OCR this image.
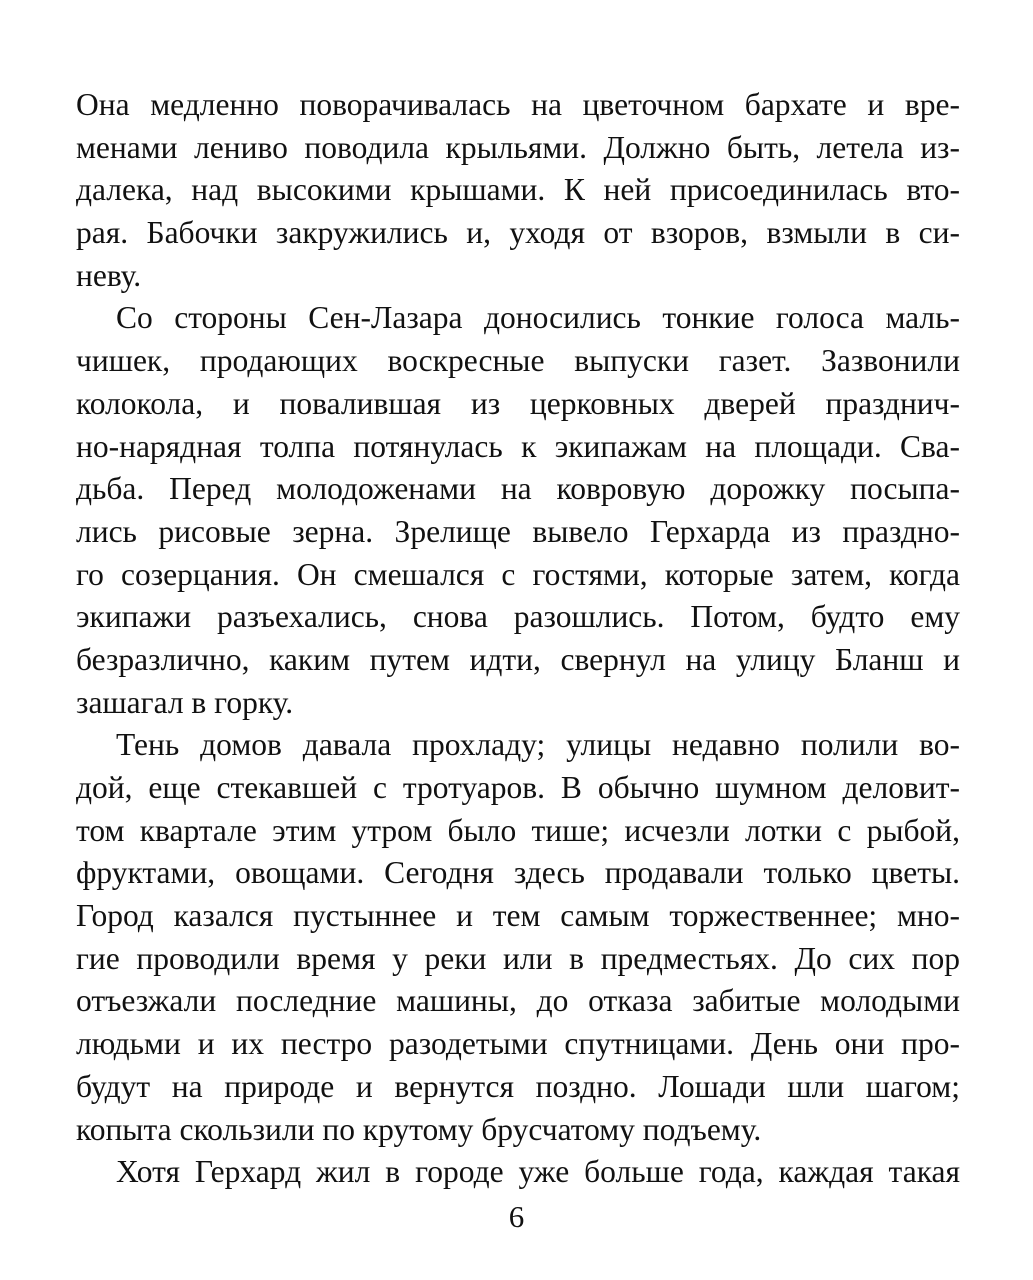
Она медленно поворачивалась на цветочном бархате и вре-
менами лениво поводила крыльями. Должно быть, летела из-
далека, над высокими крышами. К ней присоединилась вто-
рая. Бабочки закружились и, уходя от взоров, взмыли в си-
неву.
Со стороны Сен-Лазара доносились тонкие голоса маль-
чишек, продающих воскресные выпуски газет. Зазвонили
колокола, и повалившая из церковных дверей празднич-
но-нарядная толпа потянулась к экипажам на площади. Сва-
дьба. Перед молодоженами на ковровую дорожку посыпа-
лись рисовые зерна. Зрелище вывело Герхарда из праздно-
го созерцания. Он смешался с гостями, которые затем, когда
экипажи разъехались, снова разошлись. Потом, будто ему
безразлично, каким путем идти, свернул на улицу Бланш и
зашагал в горку.
Тень домов давала прохладу; улицы недавно полили во-
дой, еще стекавшей с тротуаров. В обычно шумном деловит-
том квартале этим утром было тише; исчезли лотки с рыбой,
фруктами, овощами. Сегодня здесь продавали только цветы.
Город казался пустыннее и тем самым торжественнее; мно-
гие проводили время у реки или в предместьях. До сих пор
отъезжали последние машины, до отказа забитые молодыми
людьми и их пестро разодетыми спутницами. День они про-
будут на природе и вернутся поздно. Лошади шли шагом;
копыта скользили по крутому брусчатому подъему.
Хотя Герхард жил в городе уже больше года, каждая такая
6
